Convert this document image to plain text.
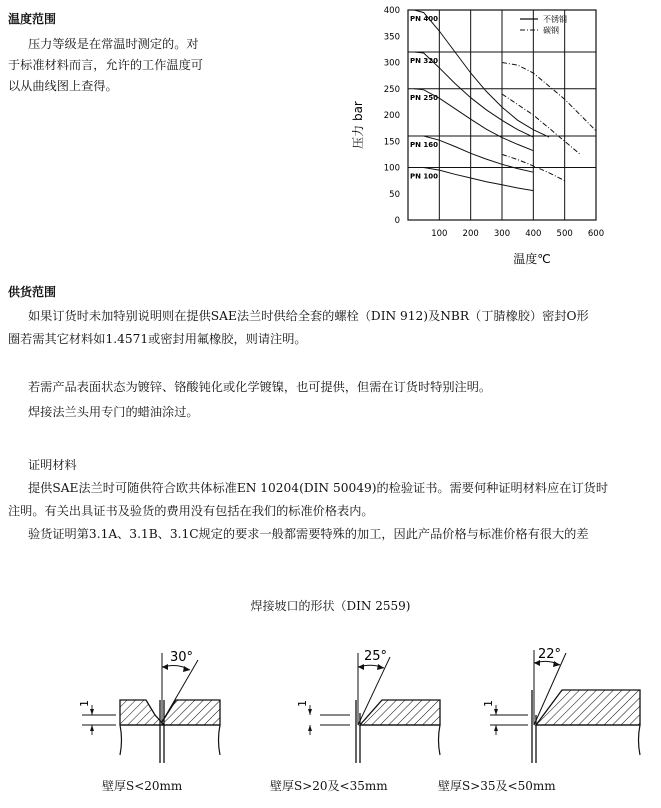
温度范围
压力等级是在常温时测定的。对
于标准材料而言，允许的工作温度可
以从曲线图上查得。
0
50
100
150
200
250
300
350
400
100 200 300 400 500 600
PN 400
PN 320
PN 250
PN 160
PN 100
不锈钢
碳钢
压力 bar
温度℃
供货范围
如果订货时未加特别说明则在提供SAE法兰时供给全套的螺栓（DIN 912)及NBR（丁腈橡胶）密封O形
圈若需其它材料如1.4571或密封用氟橡胶，则请注明。
若需产品表面状态为镀锌、铬酸钝化或化学镀镍，也可提供，但需在订货时特别注明。
焊接法兰头用专门的蜡油涂过。
证明材料
提供SAE法兰时可随供符合欧共体标准EN 10204(DIN 50049)的检验证书。需要何种证明材料应在订货时
注明。有关出具证书及验货的费用没有包括在我们的标准价格表内。
验货证明第3.1A、3.1B、3.1C规定的要求一般都需要特殊的加工，因此产品价格与标准价格有很大的差
焊接坡口的形状（DIN 2559)
30°
1
25°
1
22°
1
壁厚S<20mm	壁厚S>20及<35mm	壁厚S>35及<50mm
